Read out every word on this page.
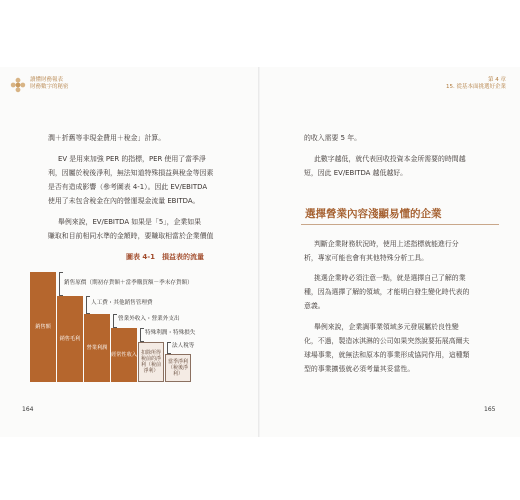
讀懂財務報表
財務數字的秘密
第 4 章
15. 從基本面挑選好企業
潤＋折舊等非現金費用＋稅金」計算。
EV 是用來加強 PER 的指標，PER 使用了當季淨
利，因屬於稅後淨利，無法知道特殊損益與稅金等因素
是否有造成影響（參考圖表 4-1）。因此 EV/EBITDA
使用了未包含稅金在內的營運現金流量 EBITDA。
舉例來說，EV/EBITDA 如果是「5」，企業如果
賺取和目前相同水準的金額時，要賺取相當於企業價值
圖表 4-1　損益表的流量
銷售額
銷售原價（期初存貨額＋當季購買額－季末存貨額）
銷售毛利
人工費・其他銷售管理費
營業利潤
營業外收入・營業外支出
經常性收入
特殊利潤・特殊損失
扣除所得稅前的淨利（稅前淨利）
法人稅等
當季淨利（稅後淨利）
164
的收入需要 5 年。
此數字越低，就代表回收投資本金所需要的時間越
短，因此 EV/EBITDA 越低越好。
選擇營業內容淺顯易懂的企業
判斷企業財務狀況時，使用上述指標就能進行分
析，專家可能也會有其他特殊分析工具。
挑選企業時必須注意一點，就是選擇自己了解的業
種，因為選擇了解的領域，才能明白發生變化時代表的
意義。
舉例來說，企業調事業領域多元發展屬於良性變
化，不過，製造冰淇淋的公司如果突然說要拓展高爾夫
球場事業，就無法和原本的事業形成協同作用，這種類
型的事業擴張就必須考量其妥當性。
165
